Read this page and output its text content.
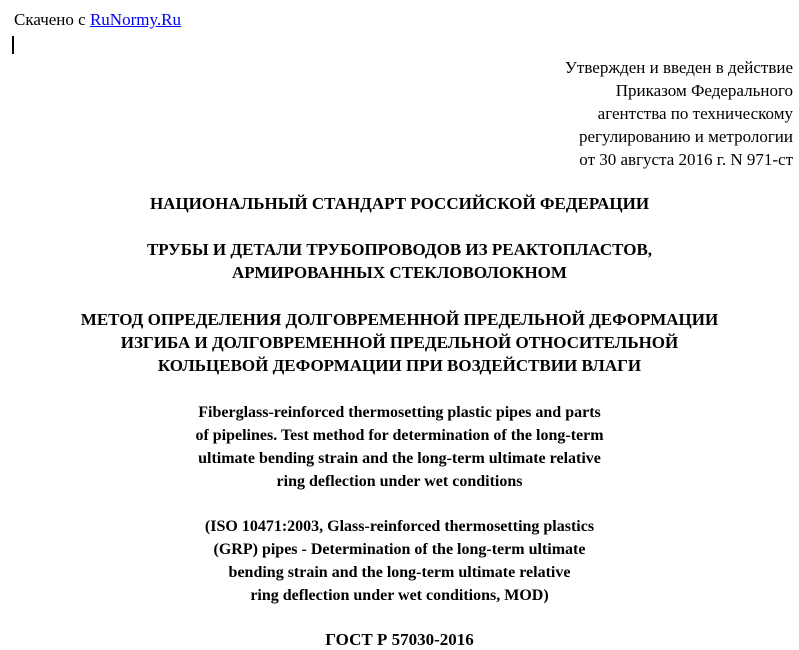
Скачено с RuNormy.Ru
Утвержден и введен в действие
Приказом Федерального
агентства по техническому
регулированию и метрологии
от 30 августа 2016 г. N 971-ст
НАЦИОНАЛЬНЫЙ СТАНДАРТ РОССИЙСКОЙ ФЕДЕРАЦИИ
ТРУБЫ И ДЕТАЛИ ТРУБОПРОВОДОВ ИЗ РЕАКТОПЛАСТОВ,
АРМИРОВАННЫХ СТЕКЛОВОЛОКНОМ
МЕТОД ОПРЕДЕЛЕНИЯ ДОЛГОВРЕМЕННОЙ ПРЕДЕЛЬНОЙ ДЕФОРМАЦИИ
ИЗГИБА И ДОЛГОВРЕМЕННОЙ ПРЕДЕЛЬНОЙ ОТНОСИТЕЛЬНОЙ
КОЛЬЦЕВОЙ ДЕФОРМАЦИИ ПРИ ВОЗДЕЙСТВИИ ВЛАГИ
Fiberglass-reinforced thermosetting plastic pipes and parts
of pipelines. Test method for determination of the long-term
ultimate bending strain and the long-term ultimate relative
ring deflection under wet conditions
(ISO 10471:2003, Glass-reinforced thermosetting plastics
(GRP) pipes - Determination of the long-term ultimate
bending strain and the long-term ultimate relative
ring deflection under wet conditions, MOD)
ГОСТ Р 57030-2016
